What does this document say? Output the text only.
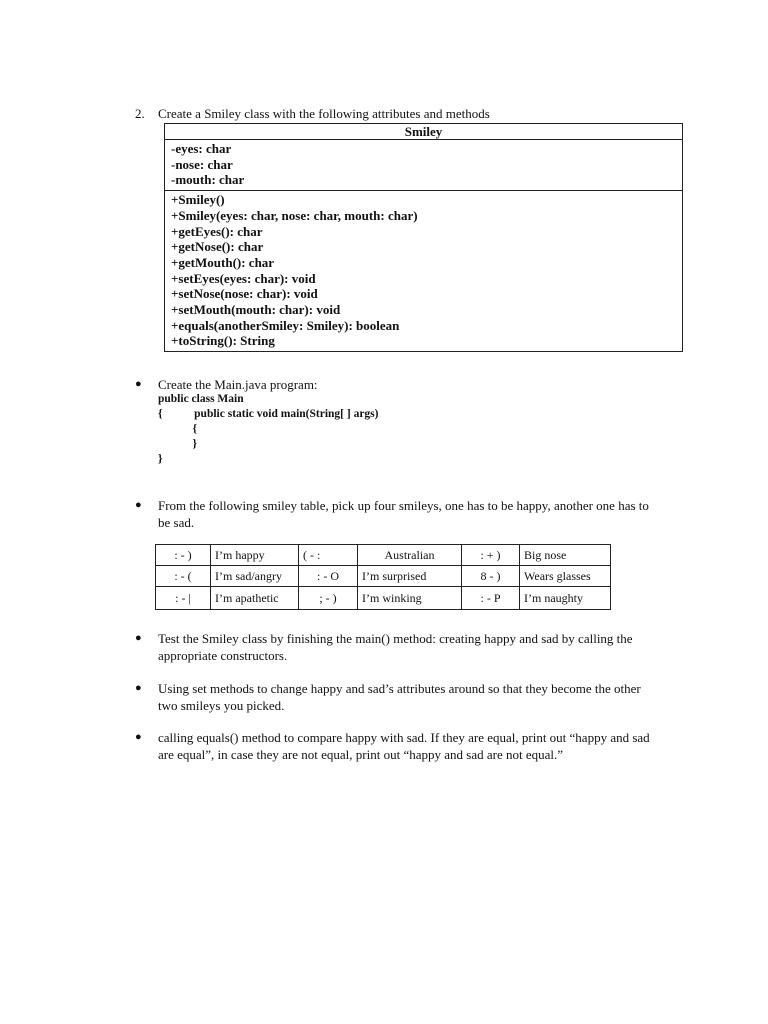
2. Create a Smiley class with the following attributes and methods
Smiley
-eyes: char
-nose: char
-mouth: char
+Smiley()
+Smiley(eyes: char, nose: char, mouth: char)
+getEyes(): char
+getNose(): char
+getMouth(): char
+setEyes(eyes: char): void
+setNose(nose: char): void
+setMouth(mouth: char): void
+equals(anotherSmiley: Smiley): boolean
+toString(): String
●	Create the Main.java program:
public class Main
{           public static void main(String[ ] args)
{
}
}
●	From the following smiley table, pick up four smileys, one has to be happy, another one has to be sad.
: - )	I’m happy	( - :	Australian	: + )	Big nose
: - (	I’m sad/angry	: - O	I’m surprised	8 - )	Wears glasses
: - |	I’m apathetic	; - )	I’m winking	: - P	I’m naughty
●	Test the Smiley class by finishing the main() method: creating happy and sad by calling the appropriate constructors.
●	Using set methods to change happy and sad’s attributes around so that they become the other two smileys you picked.
●	calling equals() method to compare happy with sad. If they are equal, print out “happy and sad are equal”, in case they are not equal, print out “happy and sad are not equal.”
